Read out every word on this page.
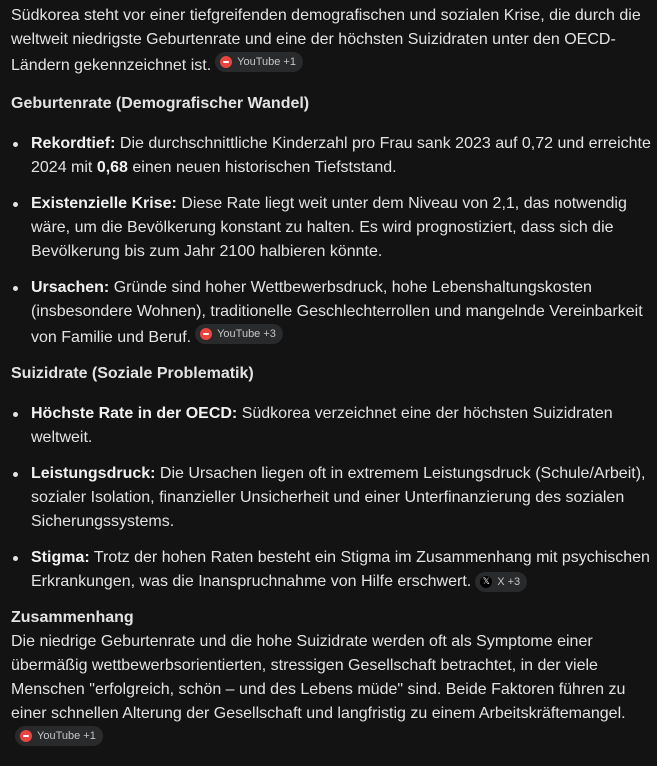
Südkorea steht vor einer tiefgreifenden demografischen und sozialen Krise, die durch die weltweit niedrigste Geburtenrate und eine der höchsten Suizidraten unter den OECD-Ländern gekennzeichnet ist. YouTube +1

Geburtenrate (Demografischer Wandel)
Rekordtief: Die durchschnittliche Kinderzahl pro Frau sank 2023 auf 0,72 und erreichte 2024 mit 0,68 einen neuen historischen Tiefststand.
Existenzielle Krise: Diese Rate liegt weit unter dem Niveau von 2,1, das notwendig wäre, um die Bevölkerung konstant zu halten. Es wird prognostiziert, dass sich die Bevölkerung bis zum Jahr 2100 halbieren könnte.
Ursachen: Gründe sind hoher Wettbewerbsdruck, hohe Lebenshaltungskosten (insbesondere Wohnen), traditionelle Geschlechterrollen und mangelnde Vereinbarkeit von Familie und Beruf. YouTube +3
Suizidrate (Soziale Problematik)
Höchste Rate in der OECD: Südkorea verzeichnet eine der höchsten Suizidraten weltweit.
Leistungsdruck: Die Ursachen liegen oft in extremem Leistungsdruck (Schule/Arbeit), sozialer Isolation, finanzieller Unsicherheit und einer Unterfinanzierung des sozialen Sicherungssystems.
Stigma: Trotz der hohen Raten besteht ein Stigma im Zusammenhang mit psychischen Erkrankungen, was die Inanspruchnahme von Hilfe erschwert. 𝕏 X +3

Zusammenhang

Die niedrige Geburtenrate und die hohe Suizidrate werden oft als Symptome einer übermäßig wettbewerbsorientierten, stressigen Gesellschaft betrachtet, in der viele Menschen "erfolgreich, schön – und des Lebens müde" sind. Beide Faktoren führen zu einer schnellen Alterung der Gesellschaft und langfristig zu einem Arbeitskräftemangel.
YouTube +1
